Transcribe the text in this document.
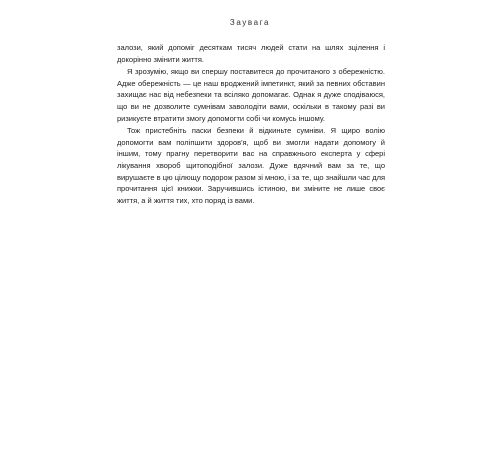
Заувага

залози, який допоміг десяткам тисяч людей стати на шлях зцілення і докорінно змінити життя.

Я зрозумію, якщо ви спершу поставитеся до прочитаного з обережністю. Адже обережність — це наш вроджений імпетинкт, який за певних обставин захищає нас від небезпеки та всіляко допомагає. Однак я дуже сподіваюся, що ви не дозволите сумнівам заволодіти вами, оскільки в такому разі ви ризикуєте втратити змогу допомогти собі чи комусь іншому.

Тож пристебніть паски безпеки й відкиньте сумніви. Я щиро волію допомогти вам поліпшити здоров'я, щоб ви змогли надати допомогу й іншим, тому прагну перетворити вас на справжнього експерта у сфері лікування хвороб щитоподібної залози. Дуже вдячний вам за те, що вирушаєте в цю цілющу подорож разом зі мною, і за те, що знайшли час для прочитання цієї книжки. Заручившись істиною, ви зміните не лише своє життя, а й життя тих, хто поряд із вами.
